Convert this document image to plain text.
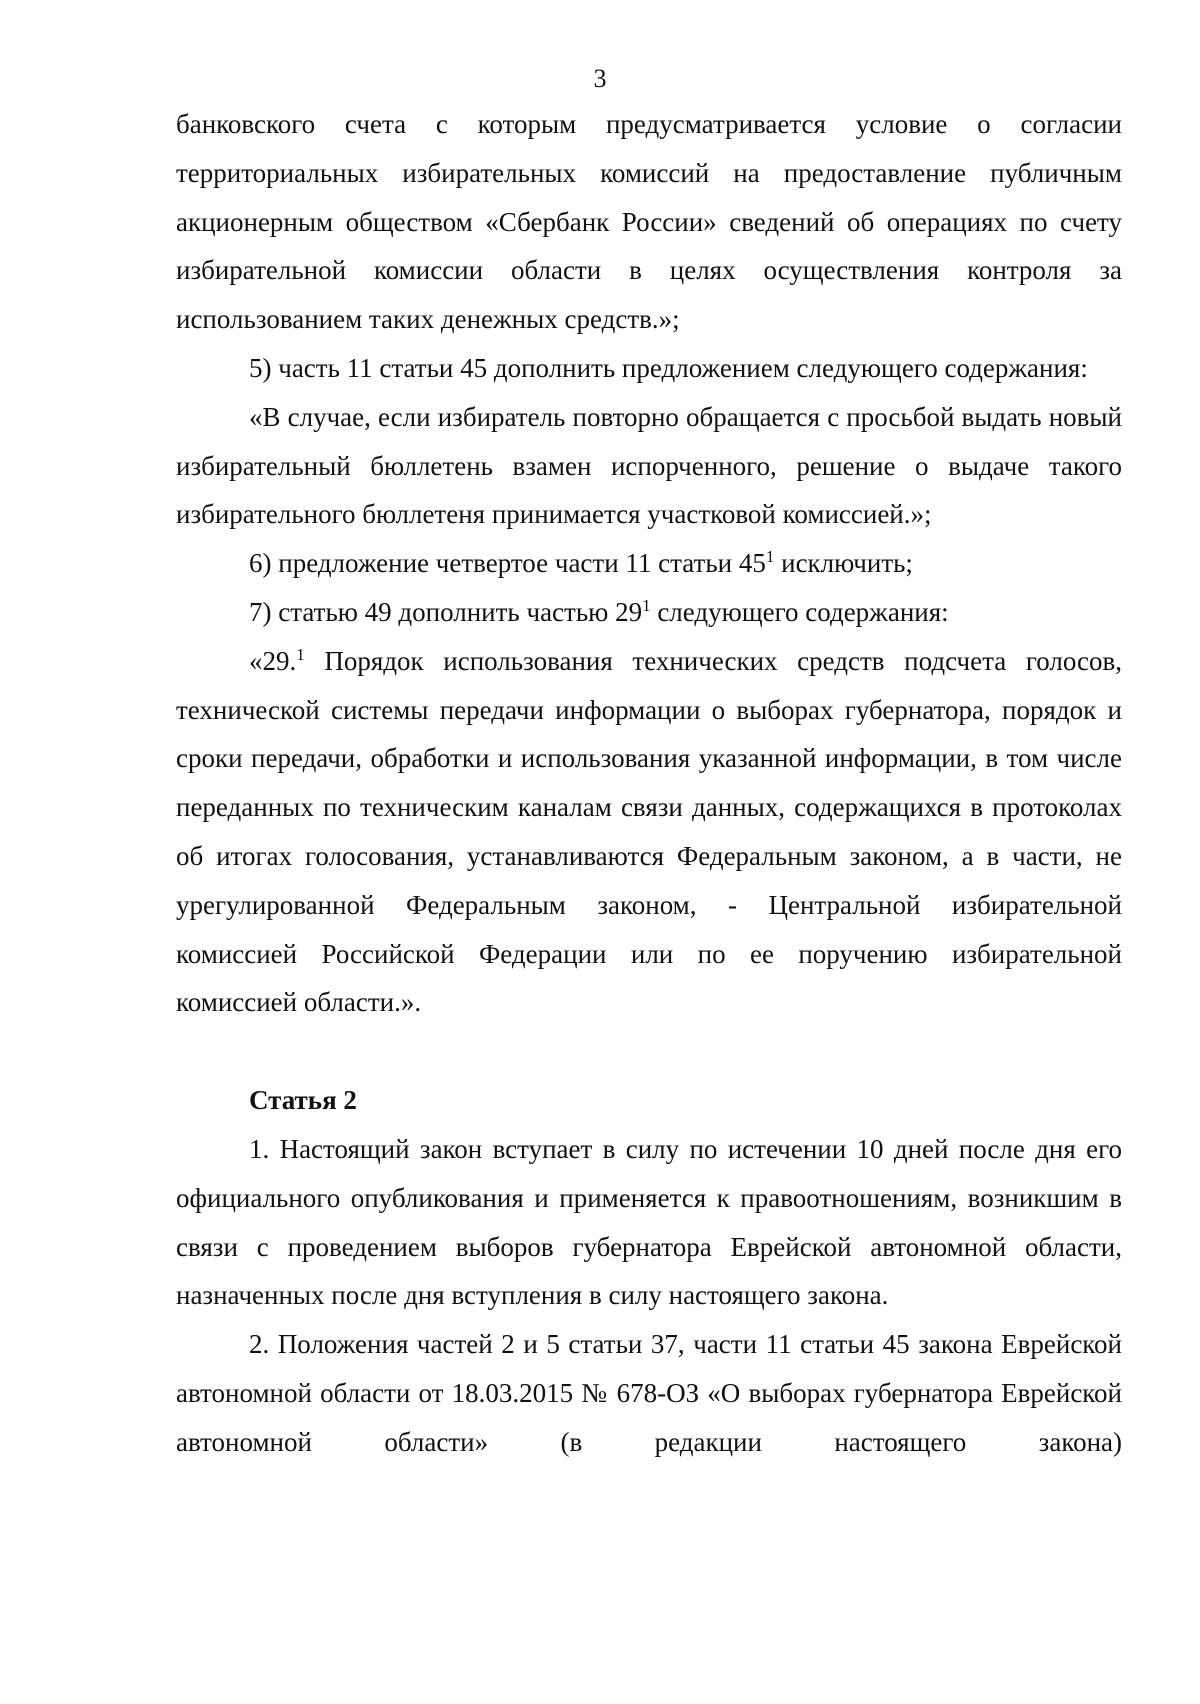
3

банковского счета с которым предусматривается условие о согласии территориальных избирательных комиссий на предоставление публичным акционерным обществом «Сбербанк России» сведений об операциях по счету избирательной комиссии области в целях осуществления контроля за использованием таких денежных средств.»;

5) часть 11 статьи 45 дополнить предложением следующего содержания:

«В случае, если избиратель повторно обращается с просьбой выдать новый избирательный бюллетень взамен испорченного, решение о выдаче такого избирательного бюллетеня принимается участковой комиссией.»;

6) предложение четвертое части 11 статьи $45^1$ исключить;

7) статью 49 дополнить частью $29^1$ следующего содержания:

«29.$^1$ Порядок использования технических средств подсчета голосов, технической системы передачи информации о выборах губернатора, порядок и сроки передачи, обработки и использования указанной информации, в том числе переданных по техническим каналам связи данных, содержащихся в протоколах об итогах голосования, устанавливаются Федеральным законом, а в части, не урегулированной Федеральным законом, - Центральной избирательной комиссией Российской Федерации или по ее поручению избирательной комиссией области.».

Статья 2

1. Настоящий закон вступает в силу по истечении 10 дней после дня его официального опубликования и применяется к правоотношениям, возникшим в связи с проведением выборов губернатора Еврейской автономной области, назначенных после дня вступления в силу настоящего закона.

2. Положения частей 2 и 5 статьи 37, части 11 статьи 45 закона Еврейской автономной области от 18.03.2015 № 678-ОЗ «О выборах губернатора Еврейской автономной области» (в редакции настоящего закона)
